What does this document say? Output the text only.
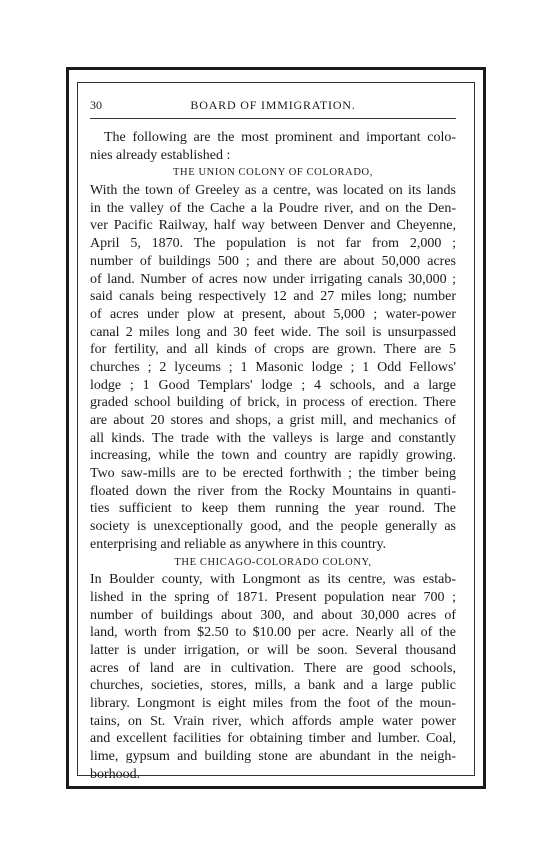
30	BOARD OF IMMIGRATION.
The following are the most prominent and important colo-
nies already established :
THE UNION COLONY OF COLORADO,
With the town of Greeley as a centre, was located on its lands
in the valley of the Cache a la Poudre river, and on the Den-
ver Pacific Railway, half way between Denver and Cheyenne,
April 5, 1870. The population is not far from 2,000 ;
number of buildings 500 ; and there are about 50,000 acres
of land. Number of acres now under irrigating canals 30,000 ;
said canals being respectively 12 and 27 miles long; number
of acres under plow at present, about 5,000 ; water-power
canal 2 miles long and 30 feet wide. The soil is unsurpassed
for fertility, and all kinds of crops are grown. There are 5
churches ; 2 lyceums ; 1 Masonic lodge ; 1 Odd Fellows'
lodge ; 1 Good Templars' lodge ; 4 schools, and a large
graded school building of brick, in process of erection. There
are about 20 stores and shops, a grist mill, and mechanics of
all kinds. The trade with the valleys is large and constantly
increasing, while the town and country are rapidly growing.
Two saw-mills are to be erected forthwith ; the timber being
floated down the river from the Rocky Mountains in quanti-
ties sufficient to keep them running the year round. The
society is unexceptionally good, and the people generally as
enterprising and reliable as anywhere in this country.
THE CHICAGO-COLORADO COLONY,
In Boulder county, with Longmont as its centre, was estab-
lished in the spring of 1871. Present population near 700 ;
number of buildings about 300, and about 30,000 acres of
land, worth from $2.50 to $10.00 per acre. Nearly all of the
latter is under irrigation, or will be soon. Several thousand
acres of land are in cultivation. There are good schools,
churches, societies, stores, mills, a bank and a large public
library. Longmont is eight miles from the foot of the moun-
tains, on St. Vrain river, which affords ample water power
and excellent facilities for obtaining timber and lumber. Coal,
lime, gypsum and building stone are abundant in the neigh-
borhood.
